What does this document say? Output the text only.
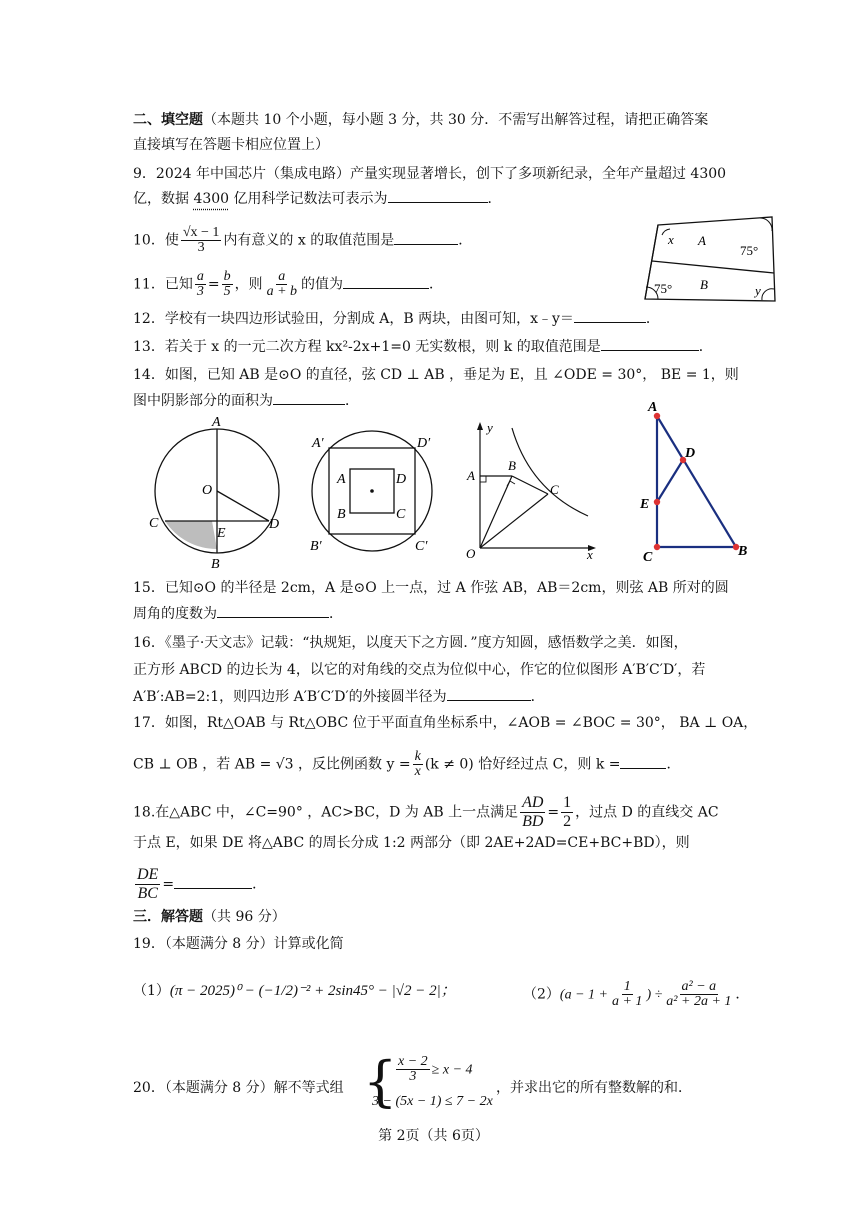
二、填空题（本题共 10 个小题，每小题 3 分，共 30 分．不需写出解答过程，请把正确答案
直接填写在答题卡相应位置上）
9．2024 年中国芯片（集成电路）产量实现显著增长，创下了多项新纪录，全年产量超过 4300
亿，数据 4300 亿用科学记数法可表示为	．
10．使 $\frac{√x - 1}{3}$ 内有意义的 x 的取值范围是	．
11．已知 $\frac{a}{3} = \frac{b}{5}$ ，则 $\frac{a}{a + b}$ 的值为	．
x A
75°
75° B	y
12．学校有一块四边形试验田，分割成 A，B 两块，由图可知，x﹣y＝	．
13．若关于 x 的一元二次方程 kx²-2x+1=0 无实数根，则 k 的取值范围是	．
14．如图，已知 AB 是⊙O 的直径，弦 CD ⊥ AB ，垂足为 E，且 ∠ODE = 30°， BE = 1，则
图中阴影部分的面积为	．
A
O
C
E
D
B
A′	D′
A	D
B	C
B′	C′
y
A
B
C
O	x
A
D
E
C	B
15．已知⊙O 的半径是 2cm，A 是⊙O 上一点，过 A 作弦 AB，AB＝2cm，则弦 AB 所对的圆
周角的度数为	．
16．《墨子·天文志》记载：“执规矩，以度天下之方圆．”度方知圆，感悟数学之美．如图，
正方形 ABCD 的边长为 4，以它的对角线的交点为位似中心，作它的位似图形 A′B′C′D′，若
A′B′:AB=2:1，则四边形 A′B′C′D′的外接圆半径为	．
17．如图，Rt△OAB 与 Rt△OBC 位于平面直角坐标系中，∠AOB = ∠BOC = 30°， BA ⊥ OA，
CB ⊥ OB ，若 AB = √3 ，反比例函数 $y = \frac{k}{x} (k \ne 0)$ 恰好经过点 C，则 k =	．
18.在△ABC 中，∠C=90° ，AC>BC，D 为 AB 上一点满足 $\frac{AD}{BD} = \frac{1}{2}$ ，过点 D 的直线交 AC
于点 E，如果 DE 将△ABC 的周长分成 1:2 两部分（即 2AE+2AD=CE+BC+BD），则
$\frac{DE}{BC}$ =	．
三．解答题（共 96 分）
19．（本题满分 8 分）计算或化简
（1）(π − 2025)⁰ − (−1/2)⁻² + 2sin45° − |√2 − 2|；	$(2)(a - 1 + \frac{1}{a + 1}$ ) ÷ $\frac{\text{a² − a}}{\text{a² + 2a + 1}}$ ．
20．（本题满分 8 分）解不等式组 {
$\frac{x - 2}{3} \ge x - 4$
3 − (5x − 1) ≤ 7 − 2x
，并求出它的所有整数解的和．
第 2页（共 6页）
